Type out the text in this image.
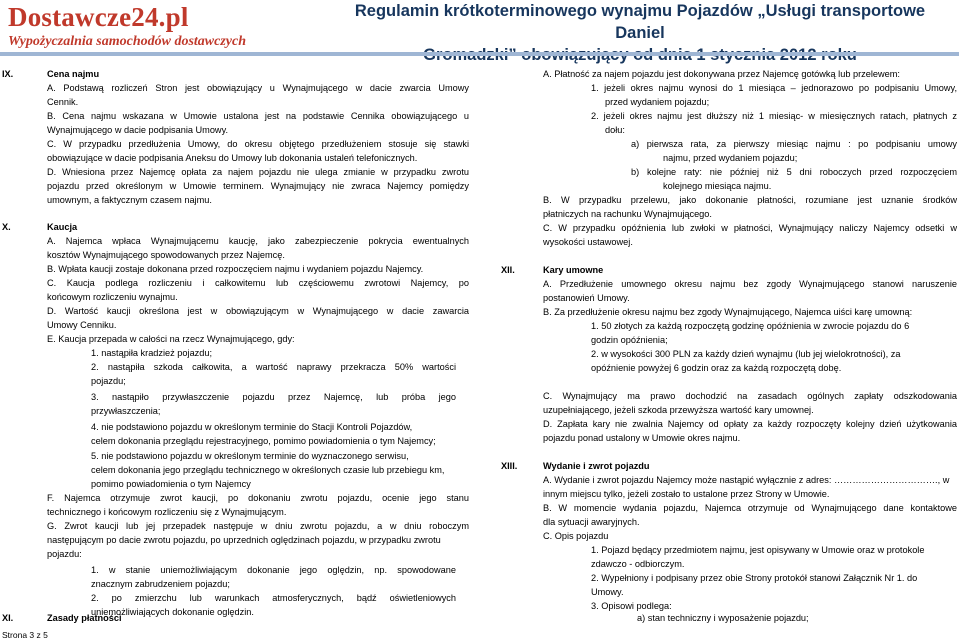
Dostawcze24.pl
Wypożyczalnia samochodów dostawczych
Regulamin krótkoterminowego wynajmu Pojazdów „Usługi transportowe Daniel
IX.	Cena najmu
A. Podstawą rozliczeń Stron jest obowiązujący u Wynajmującego w dacie zwarcia Umowy
Cennik.
B. Cena najmu wskazana w Umowie ustalona jest na podstawie Cennika obowiązującego u
Wynajmującego w dacie podpisania Umowy.
C. W przypadku przedłużenia Umowy, do okresu objętego przedłużeniem stosuje się stawki
obowiązujące w dacie podpisania Aneksu do Umowy lub dokonania ustaleń telefonicznych.
D. Wniesiona przez Najemcę opłata za najem pojazdu nie ulega zmianie w przypadku zwrotu
pojazdu przed określonym w Umowie terminem. Wynajmujący nie zwraca Najemcy pomiędzy
umownym, a faktycznym czasem najmu.
X.	Kaucja
A. Najemca wpłaca Wynajmującemu kaucję, jako zabezpieczenie pokrycia ewentualnych
kosztów Wynajmującego spowodowanych przez Najemcę.
B. Wpłata kaucji zostaje dokonana przed rozpoczęciem najmu i wydaniem pojazdu Najemcy.
C. Kaucja podlega rozliczeniu i całkowitemu lub częściowemu zwrotowi Najemcy, po
końcowym rozliczeniu wynajmu.
D. Wartość kaucji określona jest w obowiązującym w Wynajmującego w dacie zawarcia
Umowy Cenniku.
E. Kaucja przepada w całości na rzecz Wynajmującego, gdy:
1. nastąpiła kradzież pojazdu;
2. nastąpiła szkoda całkowita, a wartość naprawy przekracza 50% wartości
pojazdu;
3. nastąpiło przywłaszczenie pojazdu przez Najemcę, lub próba jego
przywłaszczenia;
4. nie podstawiono pojazdu w określonym terminie do Stacji Kontroli Pojazdów,
celem dokonania przeglądu rejestracyjnego, pomimo powiadomienia o tym Najemcy;
5. nie podstawiono pojazdu w określonym terminie do wyznaczonego serwisu,
celem dokonania jego przeglądu technicznego w określonych czasie lub przebiegu km,
pomimo powiadomienia o tym Najemcy
F. Najemca otrzymuje zwrot kaucji, po dokonaniu zwrotu pojazdu, ocenie jego stanu
technicznego i końcowym rozliczeniu się z Wynajmującym.
G. Zwrot kaucji lub jej przepadek następuje w dniu zwrotu pojazdu, a w dniu roboczym
następującym po dacie zwrotu pojazdu, po uprzednich oględzinach pojazdu, w przypadku zwrotu
pojazdu:
1. w stanie uniemożliwiającym dokonanie jego oględzin, np. spowodowane
znacznym zabrudzeniem pojazdu;
2. po zmierzchu lub warunkach atmosferycznych, bądź oświetleniowych
uniemożliwiających dokonanie oględzin.
XI.	Zasady płatności
A. Płatność za najem pojazdu jest dokonywana przez Najemcę gotówką lub przelewem:
1. jeżeli okres najmu wynosi do 1 miesiąca – jednorazowo po podpisaniu Umowy,
przed wydaniem pojazdu;
2. jeżeli okres najmu jest dłuższy niż 1 miesiąc- w miesięcznych ratach, płatnych z
dołu:
a) pierwsza rata, za pierwszy miesiąc najmu : po podpisaniu umowy
najmu, przed wydaniem pojazdu;
b) kolejne raty: nie później niż 5 dni roboczych przed rozpoczęciem
kolejnego miesiąca najmu.
B. W przypadku przelewu, jako dokonanie płatności, rozumiane jest uznanie środków
płatniczych na rachunku Wynajmującego.
C. W przypadku opóźnienia lub zwłoki w płatności, Wynajmujący naliczy Najemcy odsetki w
wysokości ustawowej.
XII.	Kary umowne
A. Przedłużenie umownego okresu najmu bez zgody Wynajmującego stanowi naruszenie
postanowień Umowy.
B. Za przedłużenie okresu najmu bez zgody Wynajmującego, Najemca uiści karę umowną:
1. 50 złotych za każdą rozpoczętą godzinę opóźnienia w zwrocie pojazdu do 6
godzin opóźnienia;
2. w wysokości 300 PLN za każdy dzień wynajmu (lub jej wielokrotności), za
opóźnienie powyżej 6 godzin oraz za każdą rozpoczętą dobę.
C. Wynajmujący ma prawo dochodzić na zasadach ogólnych zapłaty odszkodowania
uzupełniającego, jeżeli szkoda przewyższa wartość kary umownej.
D. Zapłata kary nie zwalnia Najemcy od opłaty za każdy rozpoczęty kolejny dzień użytkowania
pojazdu ponad ustalony w Umowie okres najmu.
XIII.	Wydanie i zwrot pojazdu
A. Wydanie i zwrot pojazdu Najemcy może nastąpić wyłącznie z adres: ……………………………., w
innym miejscu tylko, jeżeli zostało to ustalone przez Strony w Umowie.
B. W momencie wydania pojazdu, Najemca otrzymuje od Wynajmującego dane kontaktowe
dla sytuacji awaryjnych.
C. Opis pojazdu
1. Pojazd będący przedmiotem najmu, jest opisywany w Umowie oraz w protokole
zdawczo - odbiorczym.
2. Wypełniony i podpisany przez obie Strony protokół stanowi Załącznik Nr 1. do
Umowy.
3. Opisowi podlega:
a) stan techniczny i wyposażenie pojazdu;
Strona 3 z 5
